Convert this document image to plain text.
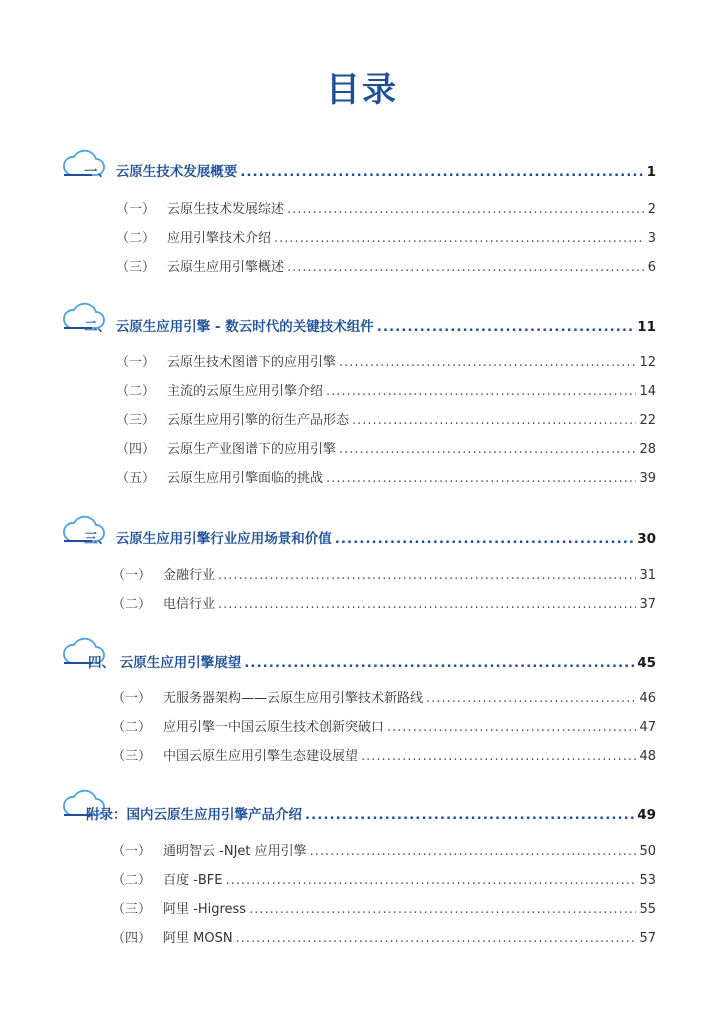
目录
一、 云原生技术发展概要 .....	1
（一） 云原生技术发展综述 .....	2
（二） 应用引擎技术介绍 .....	3
（三） 云原生应用引擎概述 .....	6
二、 云原生应用引擎 - 数云时代的关键技术组件 .....	11
（一） 云原生技术图谱下的应用引擎 .....	12
（二） 主流的云原生应用引擎介绍 .....	14
（三） 云原生应用引擎的衍生产品形态 .....	22
（四） 云原生产业图谱下的应用引擎 .....	28
（五） 云原生应用引擎面临的挑战 .....	39
三、 云原生应用引擎行业应用场景和价值 .....	30
（一） 金融行业 .....	31
（二） 电信行业 .....	37
四、 云原生应用引擎展望 .....	45
（一） 无服务器架构——云原生应用引擎技术新路线 .....	46
（二） 应用引擎一中国云原生技术创新突破口 .....	47
（三） 中国云原生应用引擎生态建设展望 .....	48
附录：国内云原生应用引擎产品介绍 .....	49
（一） 通明智云 -NJet 应用引擎 .....	50
（二） 百度 -BFE .....	53
（三） 阿里 -Higress .....	55
（四） 阿里 MOSN .....	57
